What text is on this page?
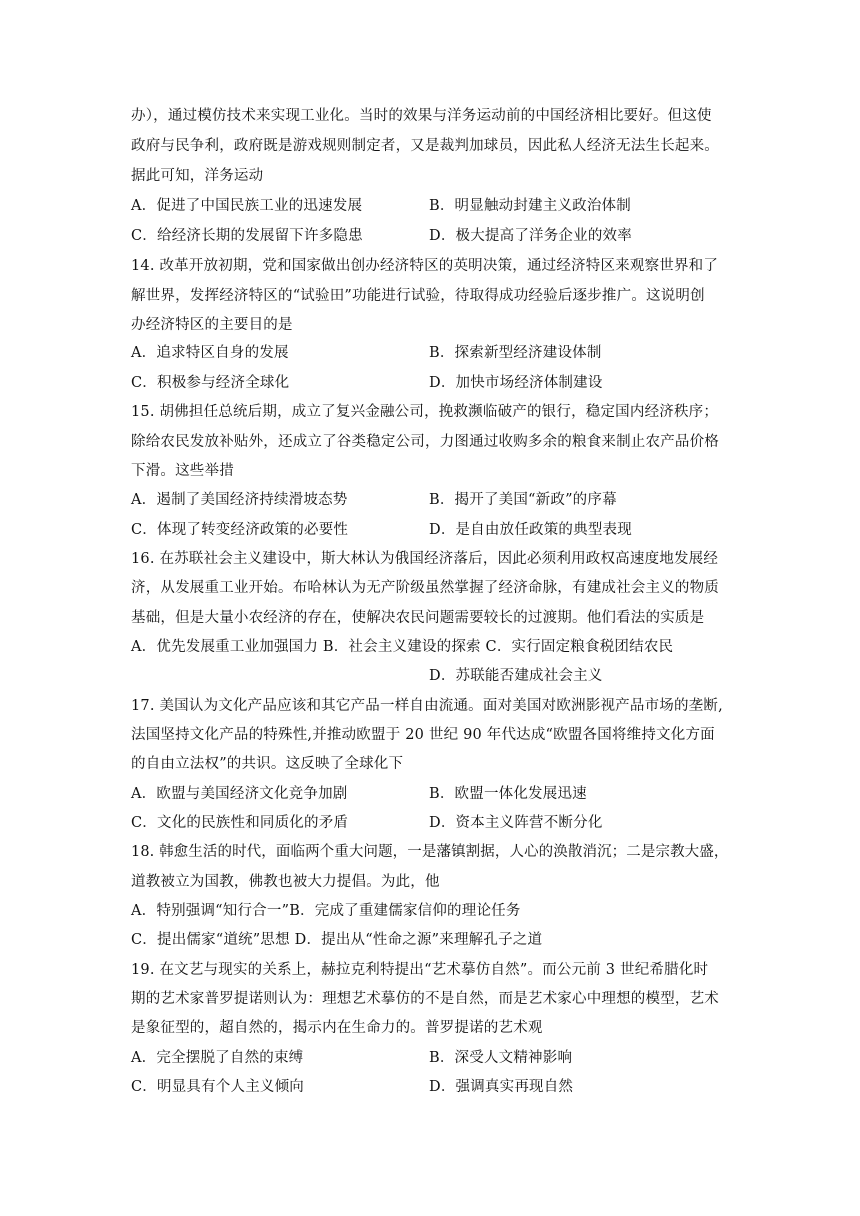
办），通过模仿技术来实现工业化。当时的效果与洋务运动前的中国经济相比要好。但这使
政府与民争利，政府既是游戏规则制定者，又是裁判加球员，因此私人经济无法生长起来。
据此可知，洋务运动
A．促进了中国民族工业的迅速发展	B．明显触动封建主义政治体制
C．给经济长期的发展留下许多隐患	D．极大提高了洋务企业的效率
14. 改革开放初期，党和国家做出创办经济特区的英明决策，通过经济特区来观察世界和了
解世界，发挥经济特区的“试验田”功能进行试验，待取得成功经验后逐步推广。这说明创
办经济特区的主要目的是
A．追求特区自身的发展	B．探索新型经济建设体制
C．积极参与经济全球化	D．加快市场经济体制建设
15. 胡佛担任总统后期，成立了复兴金融公司，挽救濒临破产的银行，稳定国内经济秩序；
除给农民发放补贴外，还成立了谷类稳定公司，力图通过收购多余的粮食来制止农产品价格
下滑。这些举措
A．遏制了美国经济持续滑坡态势	B．揭开了美国“新政”的序幕
C．体现了转变经济政策的必要性	D．是自由放任政策的典型表现
16. 在苏联社会主义建设中，斯大林认为俄国经济落后，因此必须利用政权高速度地发展经
济，从发展重工业开始。布哈林认为无产阶级虽然掌握了经济命脉，有建成社会主义的物质
基础，但是大量小农经济的存在，使解决农民问题需要较长的过渡期。他们看法的实质是
A．优先发展重工业加强国力 B．社会主义建设的探索 C．实行固定粮食税团结农民
D．苏联能否建成社会主义
17. 美国认为文化产品应该和其它产品一样自由流通。面对美国对欧洲影视产品市场的垄断,
法国坚持文化产品的特殊性,并推动欧盟于 20 世纪 90 年代达成“欧盟各国将维持文化方面
的自由立法权”的共识。这反映了全球化下
A．欧盟与美国经济文化竞争加剧	B．欧盟一体化发展迅速
C．文化的民族性和同质化的矛盾	D．资本主义阵营不断分化
18. 韩愈生活的时代，面临两个重大问题，一是藩镇割据，人心的涣散消沉；二是宗教大盛，
道教被立为国教，佛教也被大力提倡。为此，他
A．特别强调“知行合一”B．完成了重建儒家信仰的理论任务
C．提出儒家“道统”思想 D．提出从“性命之源”来理解孔子之道
19. 在文艺与现实的关系上，赫拉克利特提出“艺术摹仿自然”。而公元前 3 世纪希腊化时
期的艺术家普罗提诺则认为：理想艺术摹仿的不是自然，而是艺术家心中理想的模型，艺术
是象征型的，超自然的，揭示内在生命力的。普罗提诺的艺术观
A．完全摆脱了自然的束缚	B．深受人文精神影响
C．明显具有个人主义倾向	D．强调真实再现自然
